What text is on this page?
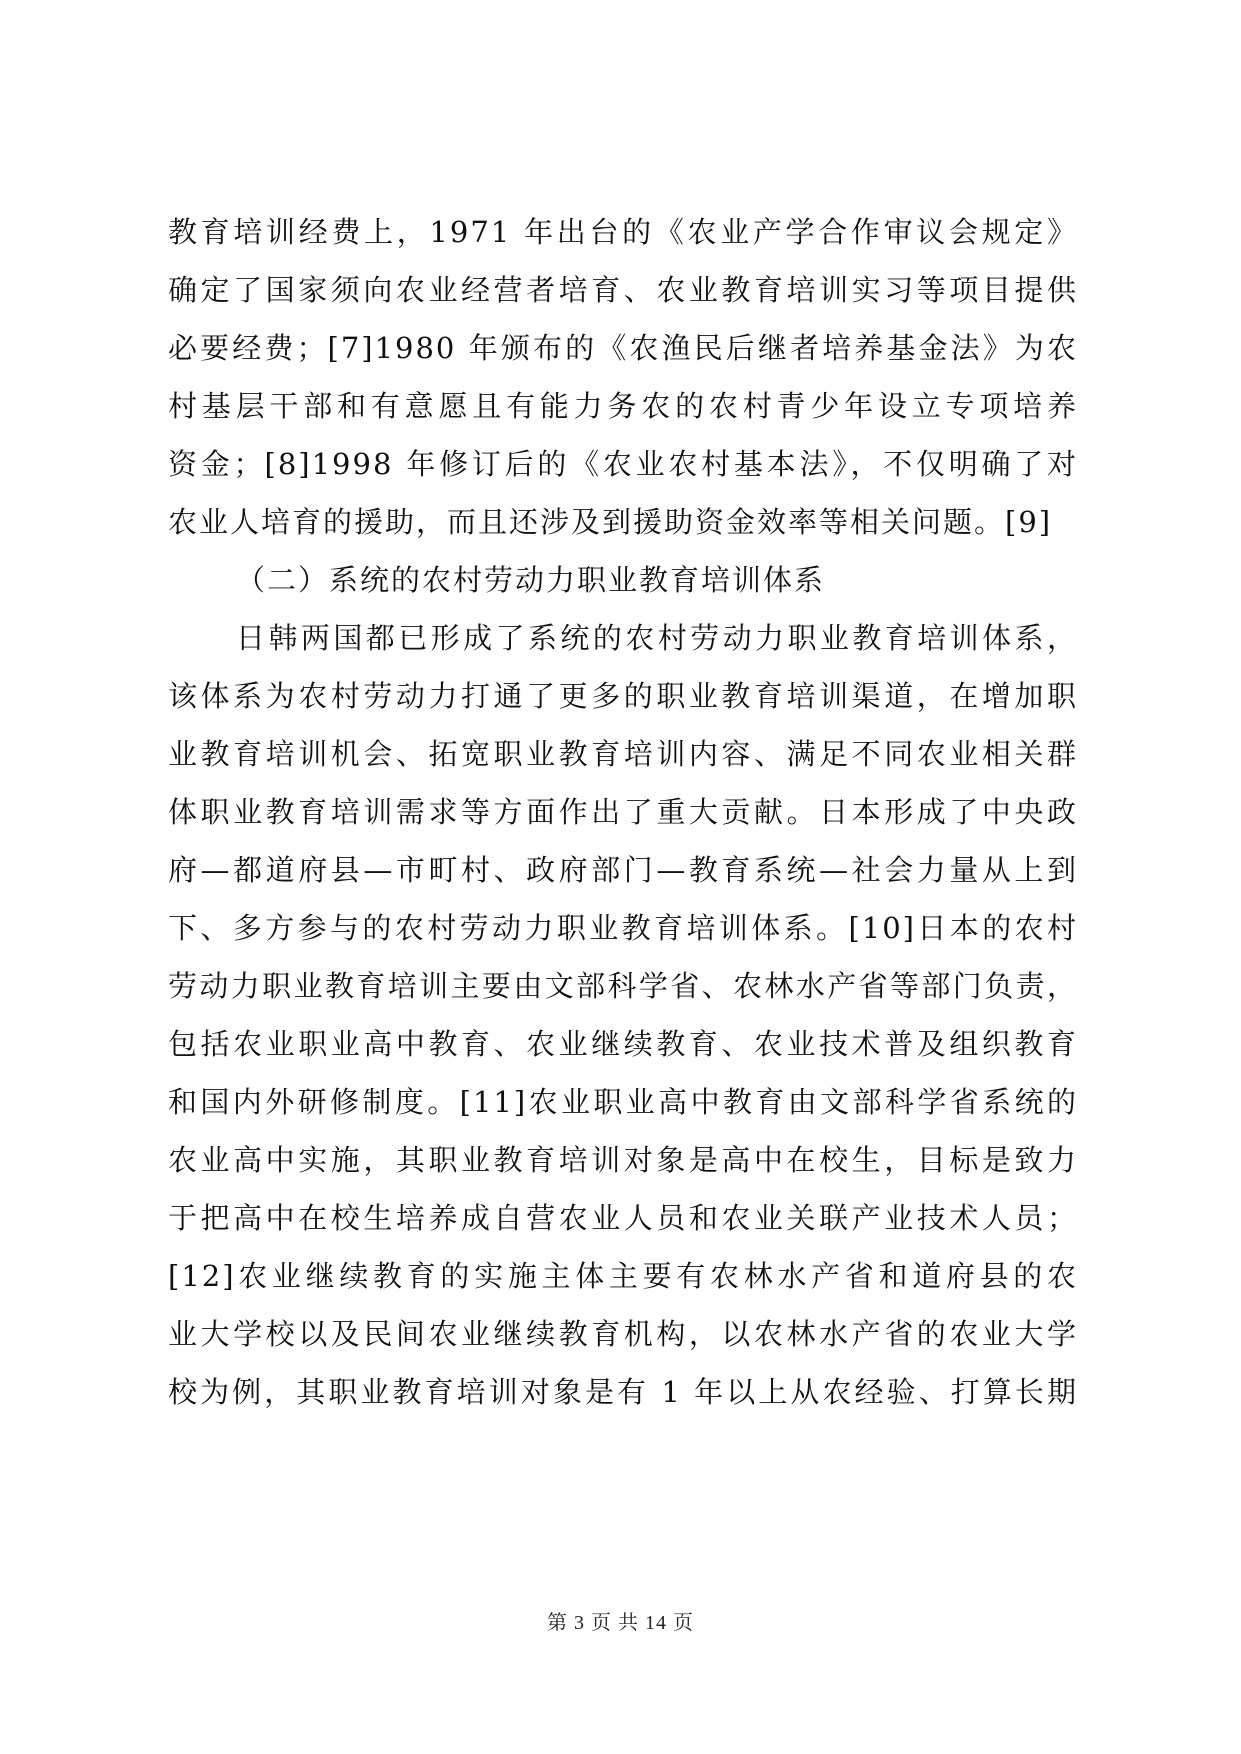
教育培训经费上，1971 年出台的《农业产学合作审议会规定》
确定了国家须向农业经营者培育、农业教育培训实习等项目提供
必要经费；[7]1980 年颁布的《农渔民后继者培养基金法》为农
村基层干部和有意愿且有能力务农的农村青少年设立专项培养
资金；[8]1998 年修订后的《农业农村基本法》，不仅明确了对
农业人培育的援助，而且还涉及到援助资金效率等相关问题。[9]
（二）系统的农村劳动力职业教育培训体系
日韩两国都已形成了系统的农村劳动力职业教育培训体系，
该体系为农村劳动力打通了更多的职业教育培训渠道，在增加职
业教育培训机会、拓宽职业教育培训内容、满足不同农业相关群
体职业教育培训需求等方面作出了重大贡献。日本形成了中央政
府—都道府县—市町村、政府部门—教育系统—社会力量从上到
下、多方参与的农村劳动力职业教育培训体系。[10]日本的农村
劳动力职业教育培训主要由文部科学省、农林水产省等部门负责，
包括农业职业高中教育、农业继续教育、农业技术普及组织教育
和国内外研修制度。[11]农业职业高中教育由文部科学省系统的
农业高中实施，其职业教育培训对象是高中在校生，目标是致力
于把高中在校生培养成自营农业人员和农业关联产业技术人员；
[12]农业继续教育的实施主体主要有农林水产省和道府县的农
业大学校以及民间农业继续教育机构，以农林水产省的农业大学
校为例，其职业教育培训对象是有 1 年以上从农经验、打算长期
第 3 页 共 14 页
